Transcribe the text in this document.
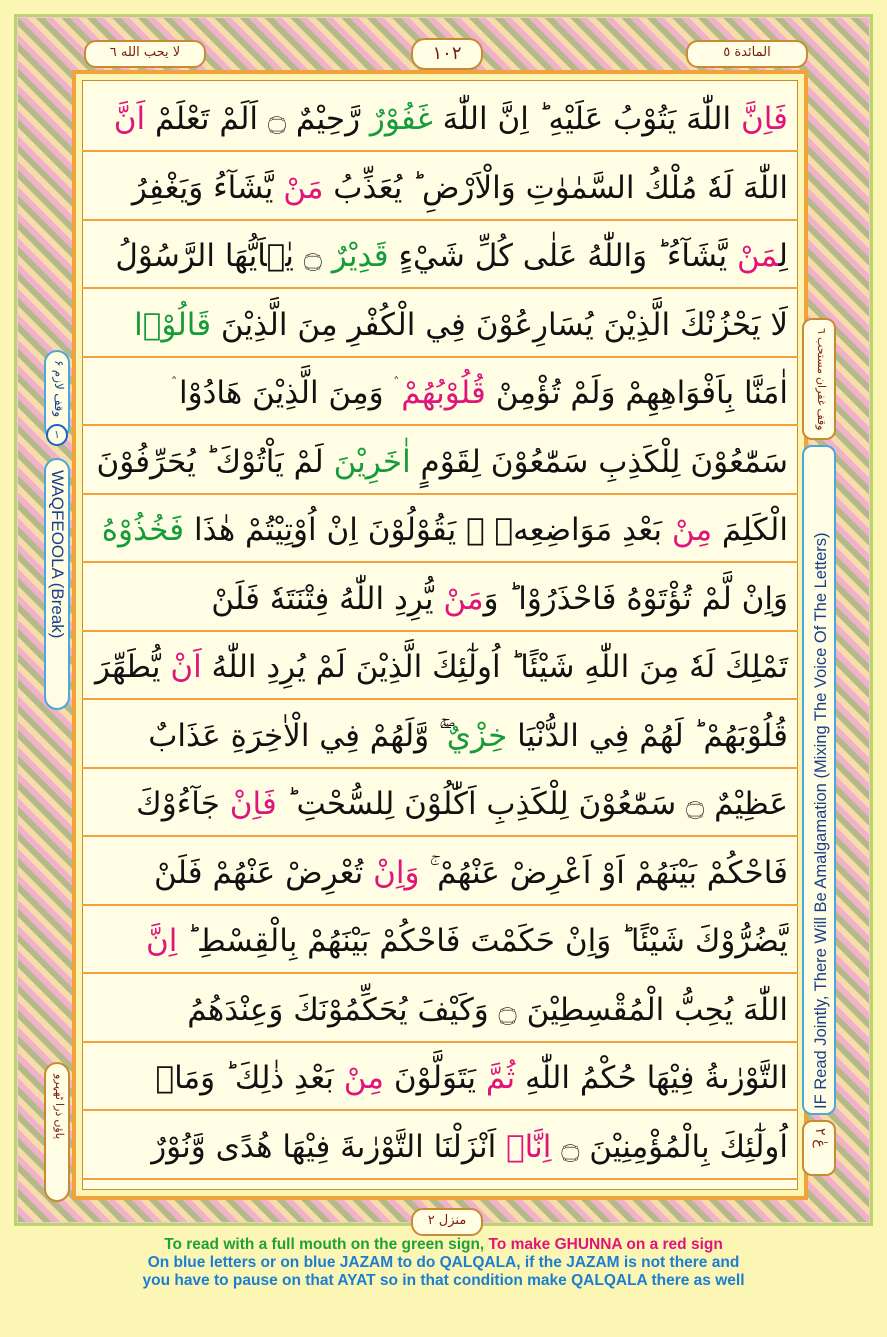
المائدة ٥
١٠٢
لا يحب الله ٦
فَاِنَّ اللّٰهَ يَتُوْبُ عَلَيْهِ ؕ اِنَّ اللّٰهَ غَفُوْرٌ رَّحِيْمٌ ۝ اَلَمْ تَعْلَمْ اَنَّ
اللّٰهَ لَهٗ مُلْكُ السَّمٰوٰتِ وَالْاَرْضِ ؕ يُعَذِّبُ مَنْ يَّشَآءُ وَيَغْفِرُ
لِمَنْ يَّشَآءُ ؕ وَاللّٰهُ عَلٰى كُلِّ شَيْءٍ قَدِيْرٌ ۝ يٰۤاَيُّهَا الرَّسُوْلُ
لَا يَحْزُنْكَ الَّذِيْنَ يُسَارِعُوْنَ فِي الْكُفْرِ مِنَ الَّذِيْنَ قَالُوْۤا
اٰمَنَّا بِاَفْوَاهِهِمْ وَلَمْ تُؤْمِنْ قُلُوْبُهُمْ ۛ وَمِنَ الَّذِيْنَ هَادُوْا ۛ
سَمّٰعُوْنَ لِلْكَذِبِ سَمّٰعُوْنَ لِقَوْمٍ اٰخَرِيْنَ لَمْ يَاْتُوْكَ ؕ يُحَرِّفُوْنَ
الْكَلِمَ مِنْ بَعْدِ مَوَاضِعِهٖ ۚ يَقُوْلُوْنَ اِنْ اُوْتِيْتُمْ هٰذَا فَخُذُوْهُ
وَاِنْ لَّمْ تُؤْتَوْهُ فَاحْذَرُوْا ؕ وَمَنْ يُّرِدِ اللّٰهُ فِتْنَتَهٗ فَلَنْ
تَمْلِكَ لَهٗ مِنَ اللّٰهِ شَيْئًا ؕ اُولٰٓئِكَ الَّذِيْنَ لَمْ يُرِدِ اللّٰهُ اَنْ يُّطَهِّرَ
قُلُوْبَهُمْ ؕ لَهُمْ فِي الدُّنْيَا خِزْيٌ ۖۚ وَّلَهُمْ فِي الْاٰخِرَةِ عَذَابٌ
عَظِيْمٌ ۝ سَمّٰعُوْنَ لِلْكَذِبِ اَكّٰلُوْنَ لِلسُّحْتِ ؕ فَاِنْ جَآءُوْكَ
فَاحْكُمْ بَيْنَهُمْ اَوْ اَعْرِضْ عَنْهُمْ ۚ وَاِنْ تُعْرِضْ عَنْهُمْ فَلَنْ
يَّضُرُّوْكَ شَيْئًا ؕ وَاِنْ حَكَمْتَ فَاحْكُمْ بَيْنَهُمْ بِالْقِسْطِ ؕ اِنَّ
اللّٰهَ يُحِبُّ الْمُقْسِطِيْنَ ۝ وَكَيْفَ يُحَكِّمُوْنَكَ وَعِنْدَهُمُ
التَّوْرٰىةُ فِيْهَا حُكْمُ اللّٰهِ ثُمَّ يَتَوَلَّوْنَ مِنْ بَعْدِ ذٰلِكَ ؕ وَمَاۤ
اُولٰٓئِكَ بِالْمُؤْمِنِيْنَ ۝ اِنَّاۤ اَنْزَلْنَا التَّوْرٰىةَ فِيْهَا هُدًى وَّنُوْرٌ
وقف لازم ۶
١
WAQFEOOLA (Break)
پاؤں ذرا ٹھہرو
وقف غفران مستحب ٦
IF Read Jointly, There Will Be Amalgamation (Mixing The Voice Of The Letters)
عٰ ٢
منزل ٢
To read with a full mouth on the green sign, To make GHUNNA on a red sign
On blue letters or on blue JAZAM to do QALQALA, if the JAZAM is not there and
you have to pause on that AYAT so in that condition make QALQALA there as well
